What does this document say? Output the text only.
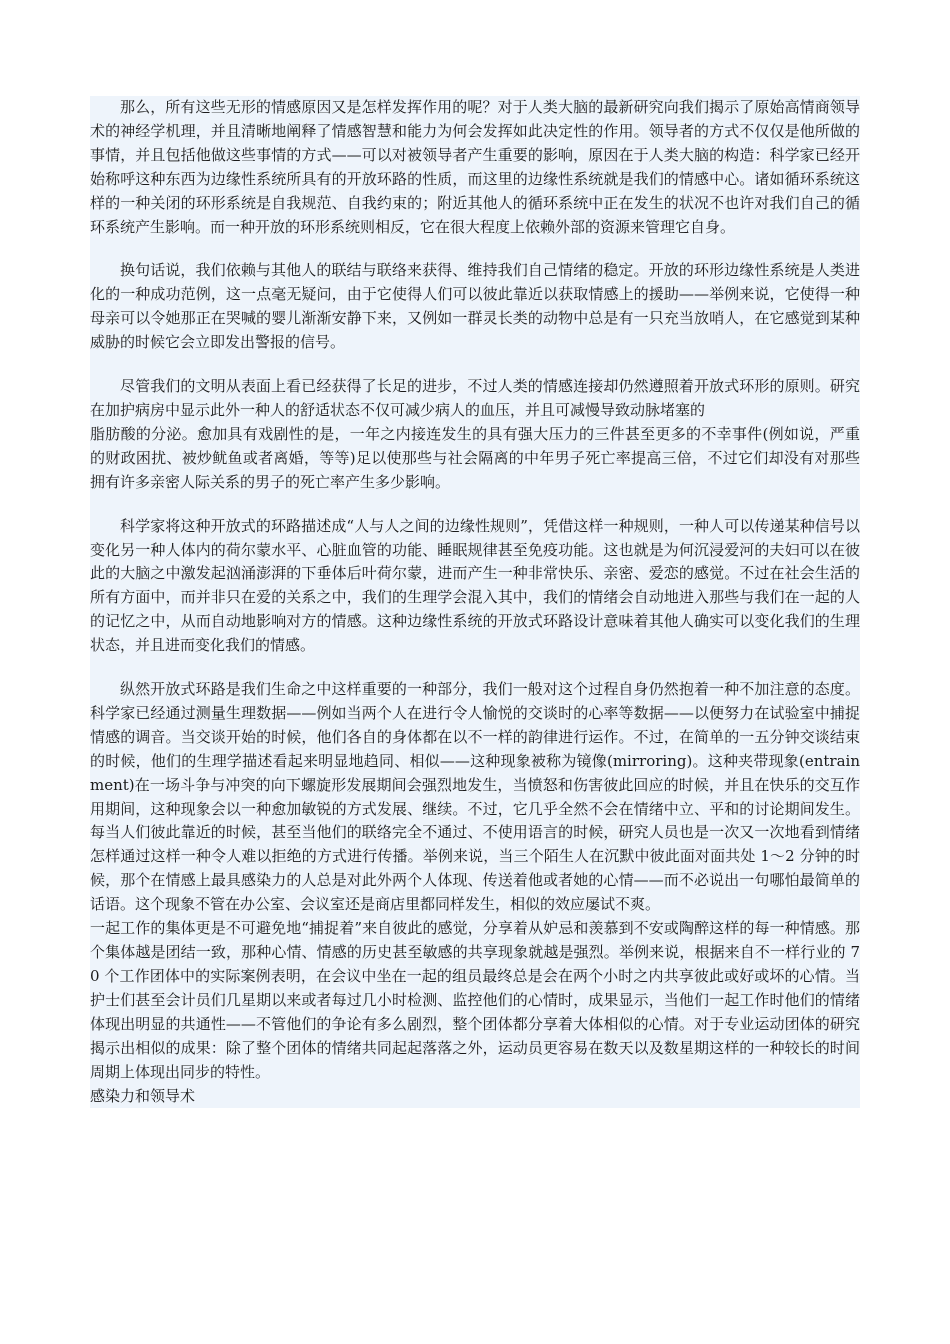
那么，所有这些无形的情感原因又是怎样发挥作用的呢？对于人类大脑的最新研究向我们揭示了原始高情商领导术的神经学机理，并且清晰地阐释了情感智慧和能力为何会发挥如此决定性的作用。领导者的方式不仅仅是他所做的事情，并且包括他做这些事情的方式——可以对被领导者产生重要的影响，原因在于人类大脑的构造：科学家已经开始称呼这种东西为边缘性系统所具有的开放环路的性质，而这里的边缘性系统就是我们的情感中心。诸如循环系统这样的一种关闭的环形系统是自我规范、自我约束的；附近其他人的循环系统中正在发生的状况不也许对我们自己的循环系统产生影响。而一种开放的环形系统则相反，它在很大程度上依赖外部的资源来管理它自身。

换句话说，我们依赖与其他人的联结与联络来获得、维持我们自己情绪的稳定。开放的环形边缘性系统是人类进化的一种成功范例，这一点毫无疑问，由于它使得人们可以彼此靠近以获取情感上的援助——举例来说，它使得一种母亲可以令她那正在哭喊的婴儿渐渐安静下来，又例如一群灵长类的动物中总是有一只充当放哨人，在它感觉到某种威胁的时候它会立即发出警报的信号。

尽管我们的文明从表面上看已经获得了长足的进步，不过人类的情感连接却仍然遵照着开放式环形的原则。研究在加护病房中显示此外一种人的舒适状态不仅可减少病人的血压，并且可减慢导致动脉堵塞的

脂肪酸的分泌。愈加具有戏剧性的是，一年之内接连发生的具有强大压力的三件甚至更多的不幸事件(例如说，严重的财政困扰、被炒鱿鱼或者离婚，等等)足以使那些与社会隔离的中年男子死亡率提高三倍，不过它们却没有对那些拥有许多亲密人际关系的男子的死亡率产生多少影响。

科学家将这种开放式的环路描述成“人与人之间的边缘性规则”，凭借这样一种规则，一种人可以传递某种信号以变化另一种人体内的荷尔蒙水平、心脏血管的功能、睡眠规律甚至免疫功能。这也就是为何沉浸爱河的夫妇可以在彼此的大脑之中激发起汹涌澎湃的下垂体后叶荷尔蒙，进而产生一种非常快乐、亲密、爱恋的感觉。不过在社会生活的所有方面中，而并非只在爱的关系之中，我们的生理学会混入其中，我们的情绪会自动地进入那些与我们在一起的人的记忆之中，从而自动地影响对方的情感。这种边缘性系统的开放式环路设计意味着其他人确实可以变化我们的生理状态，并且进而变化我们的情感。

纵然开放式环路是我们生命之中这样重要的一种部分，我们一般对这个过程自身仍然抱着一种不加注意的态度。科学家已经通过测量生理数据——例如当两个人在进行令人愉悦的交谈时的心率等数据——以便努力在试验室中捕捉情感的调音。当交谈开始的时候，他们各自的身体都在以不一样的韵律进行运作。不过，在简单的一五分钟交谈结束的时候，他们的生理学描述看起来明显地趋同、相似——这种现象被称为镜像(mirroring)。这种夹带现象(entrainment)在一场斗争与冲突的向下螺旋形发展期间会强烈地发生，当愤怒和伤害彼此回应的时候，并且在快乐的交互作用期间，这种现象会以一种愈加敏锐的方式发展、继续。不过，它几乎全然不会在情绪中立、平和的讨论期间发生。每当人们彼此靠近的时候，甚至当他们的联络完全不通过、不使用语言的时候，研究人员也是一次又一次地看到情绪怎样通过这样一种令人难以拒绝的方式进行传播。举例来说，当三个陌生人在沉默中彼此面对面共处 1～2 分钟的时候，那个在情感上最具感染力的人总是对此外两个人体现、传送着他或者她的心情——而不必说出一句哪怕最简单的话语。这个现象不管在办公室、会议室还是商店里都同样发生，相似的效应屡试不爽。

一起工作的集体更是不可避免地“捕捉着”来自彼此的感觉，分享着从妒忌和羡慕到不安或陶醉这样的每一种情感。那个集体越是团结一致，那种心情、情感的历史甚至敏感的共享现象就越是强烈。举例来说，根据来自不一样行业的 70 个工作团体中的实际案例表明，在会议中坐在一起的组员最终总是会在两个小时之内共享彼此或好或坏的心情。当护士们甚至会计员们几星期以来或者每过几小时检测、监控他们的心情时，成果显示，当他们一起工作时他们的情绪体现出明显的共通性——不管他们的争论有多么剧烈，整个团体都分享着大体相似的心情。对于专业运动团体的研究揭示出相似的成果：除了整个团体的情绪共同起起落落之外，运动员更容易在数天以及数星期这样的一种较长的时间周期上体现出同步的特性。

感染力和领导术
